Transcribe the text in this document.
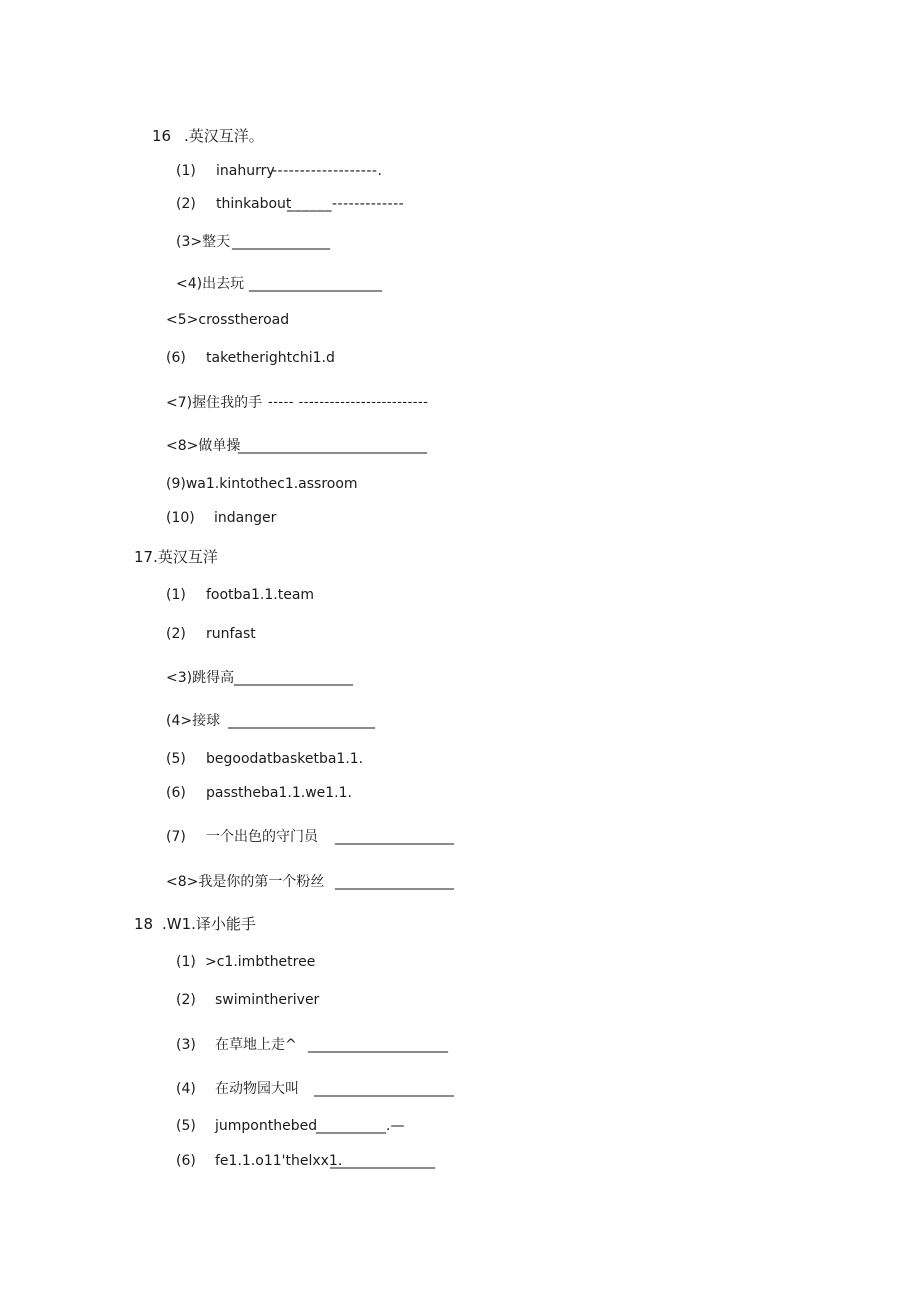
16 .英汉互洋。
(1) inahurry
-------------------.
(2) thinkabout
______-------------
(3>整天 ______________
<4)出去玩 ___________________
<5>crosstheroad
(6) taketherightchi1.d
<7)握住我的手 ----- -------------------------
<8>做单操
___________________________
(9)wa1.kintothec1.assroom
(10) indanger
17.英汉互洋
(1) footba1.1.team
(2) runfast
<3)跳得高 _________________
(4>接球 _____________________
(5) begoodatbasketba1.1.
(6) passtheba1.1.we1.1.
(7) 一个出色的守门员 _________________
<8>我是你的第一个粉丝 _________________
18 .W1.译小能手
(1) >c1.imbthetree
(2) swimintheriver
(3) 在草地上走^ ____________________
(4) 在动物园大叫 ____________________
(5) jumponthebed
__________.—
(6) fe1.1.o11'thelxx1.
_______________
